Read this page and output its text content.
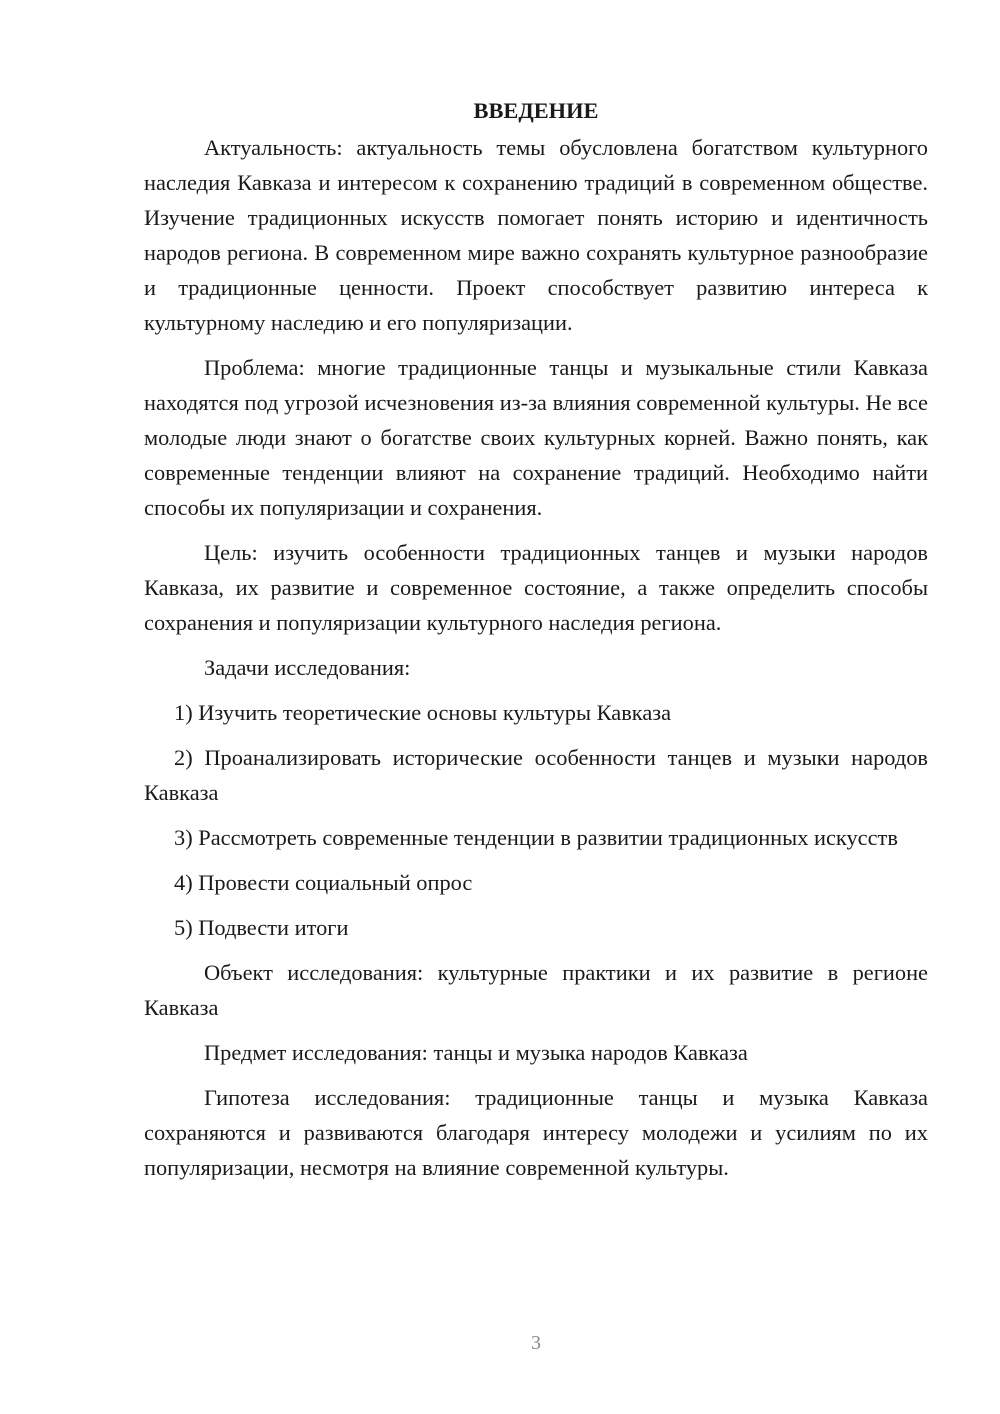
ВВЕДЕНИЕ

Актуальность: актуальность темы обусловлена богатством культурного наследия Кавказа и интересом к сохранению традиций в современном обществе. Изучение традиционных искусств помогает понять историю и идентичность народов региона. В современном мире важно сохранять культурное разнообразие и традиционные ценности. Проект способствует развитию интереса к культурному наследию и его популяризации.

Проблема: многие традиционные танцы и музыкальные стили Кавказа находятся под угрозой исчезновения из-за влияния современной культуры. Не все молодые люди знают о богатстве своих культурных корней. Важно понять, как современные тенденции влияют на сохранение традиций. Необходимо найти способы их популяризации и сохранения.

Цель: изучить особенности традиционных танцев и музыки народов Кавказа, их развитие и современное состояние, а также определить способы сохранения и популяризации культурного наследия региона.

Задачи исследования:

1) Изучить теоретические основы культуры Кавказа

2) Проанализировать исторические особенности танцев и музыки народов Кавказа

3) Рассмотреть современные тенденции в развитии традиционных искусств

4) Провести социальный опрос

5) Подвести итоги

Объект исследования: культурные практики и их развитие в регионе Кавказа

Предмет исследования: танцы и музыка народов Кавказа

Гипотеза исследования: традиционные танцы и музыка Кавказа сохраняются и развиваются благодаря интересу молодежи и усилиям по их популяризации, несмотря на влияние современной культуры.

3
